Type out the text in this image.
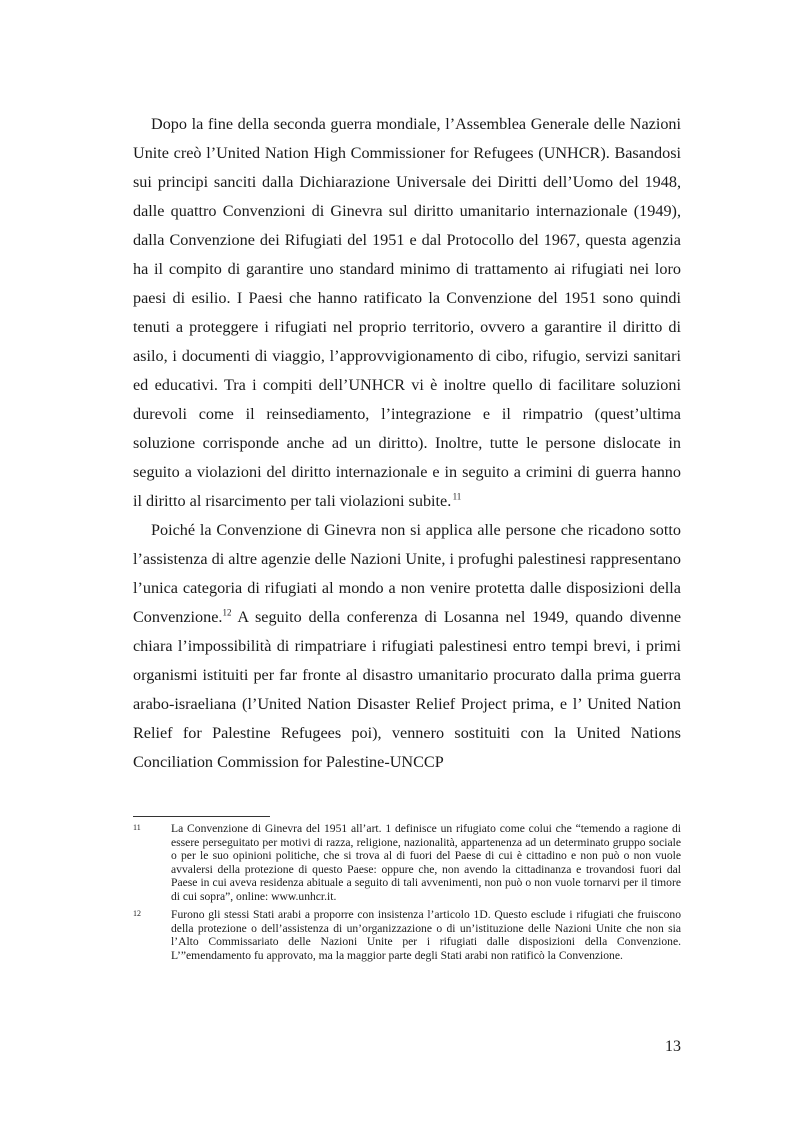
Dopo la fine della seconda guerra mondiale, l’Assemblea Generale delle Nazioni Unite creò l’United Nation High Commissioner for Refugees (UNHCR). Basandosi sui principi sanciti dalla Dichiarazione Universale dei Diritti dell’Uomo del 1948, dalle quattro Convenzioni di Ginevra sul diritto umanitario internazionale (1949), dalla Convenzione dei Rifugiati del 1951 e dal Protocollo del 1967, questa agenzia ha il compito di garantire uno standard minimo di trattamento ai rifugiati nei loro paesi di esilio. I Paesi che hanno ratificato la Convenzione del 1951 sono quindi tenuti a proteggere i rifugiati nel proprio territorio, ovvero a garantire il diritto di asilo, i documenti di viaggio, l’approvvigionamento di cibo, rifugio, servizi sanitari ed educativi. Tra i compiti dell’UNHCR vi è inoltre quello di facilitare soluzioni durevoli come il reinsediamento, l’integrazione e il rimpatrio (quest’ultima soluzione corrisponde anche ad un diritto). Inoltre, tutte le persone dislocate in seguito a violazioni del diritto internazionale e in seguito a crimini di guerra hanno il diritto al risarcimento per tali violazioni subite. $^{11}$

Poiché la Convenzione di Ginevra non si applica alle persone che ricadono sotto l’assistenza di altre agenzie delle Nazioni Unite, i profughi palestinesi rappresentano l’unica categoria di rifugiati al mondo a non venire protetta dalle disposizioni della Convenzione.$^{12}$ A seguito della conferenza di Losanna nel 1949, quando divenne chiara l’impossibilità di rimpatriare i rifugiati palestinesi entro tempi brevi, i primi organismi istituiti per far fronte al disastro umanitario procurato dalla prima guerra arabo-israeliana (l’United Nation Disaster Relief Project prima, e l’ United Nation Relief for Palestine Refugees poi), vennero sostituiti con la United Nations Conciliation Commission for Palestine-UNCCP

11	La Convenzione di Ginevra del 1951 all’art. 1 definisce un rifugiato come colui che “temendo a ragione di essere perseguitato per motivi di razza, religione, nazionalità, appartenenza ad un determinato gruppo sociale o per le suo opinioni politiche, che si trova al di fuori del Paese di cui è cittadino e non può o non vuole avvalersi della protezione di questo Paese: oppure che, non avendo la cittadinanza e trovandosi fuori dal Paese in cui aveva residenza abituale a seguito di tali avvenimenti, non può o non vuole tornarvi per il timore di cui sopra”, online: www.unhcr.it.
12	Furono gli stessi Stati arabi a proporre con insistenza l’articolo 1D. Questo esclude i rifugiati che fruiscono della protezione o dell’assistenza di un’organizzazione o di un’istituzione delle Nazioni Unite che non sia l’Alto Commissariato delle Nazioni Unite per i rifugiati dalle disposizioni della Convenzione. L’”emendamento fu approvato, ma la maggior parte degli Stati arabi non ratificò la Convenzione.
13
